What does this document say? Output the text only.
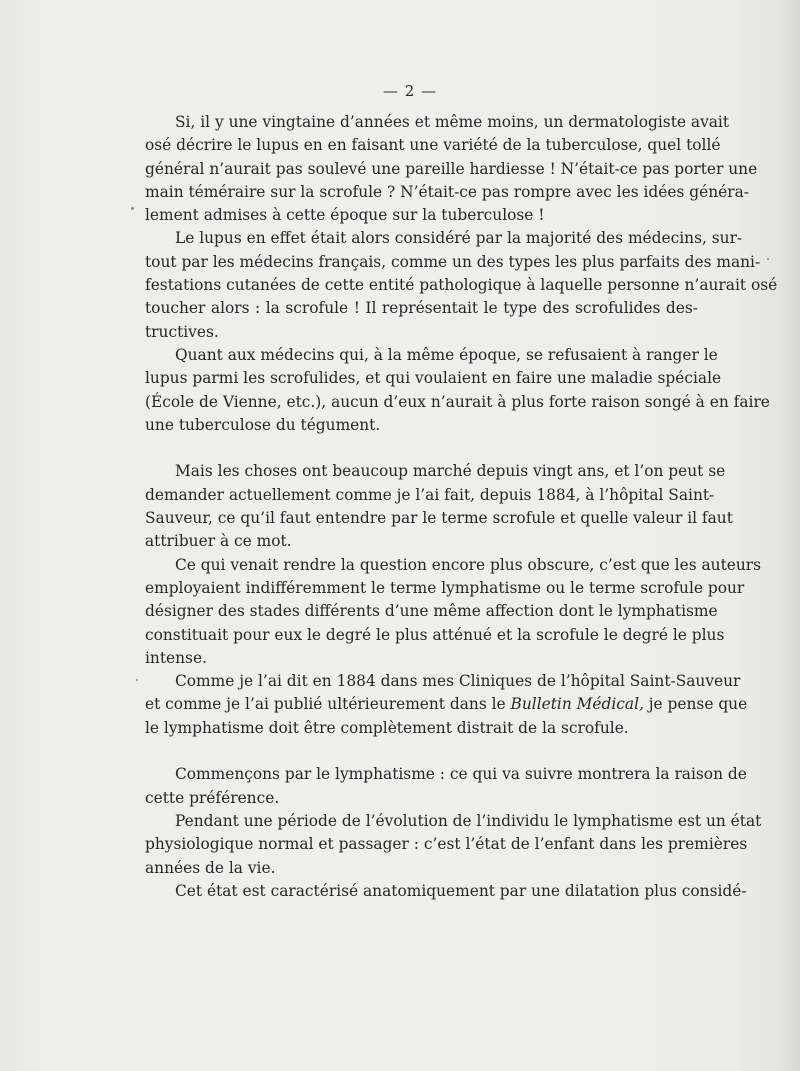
— 2 —
Si, il y une vingtaine d’années et même moins, un dermatologiste avait
osé décrire le lupus en en faisant une variété de la tuberculose, quel tollé
général n’aurait pas soulevé une pareille hardiesse ! N’était-ce pas porter une
main téméraire sur la scrofule ? N’était-ce pas rompre avec les idées généra-
lement admises à cette époque sur la tuberculose !
Le lupus en effet était alors considéré par la majorité des médecins, sur-
tout par les médecins français, comme un des types les plus parfaits des mani-
festations cutanées de cette entité pathologique à laquelle personne n’aurait osé
toucher alors : la scrofule ! Il représentait le type des scrofulides des-
tructives.
Quant aux médecins qui, à la même époque, se refusaient à ranger le
lupus parmi les scrofulides, et qui voulaient en faire une maladie spéciale
(École de Vienne, etc.), aucun d’eux n’aurait à plus forte raison songé à en faire
une tuberculose du tégument.
Mais les choses ont beaucoup marché depuis vingt ans, et l’on peut se
demander actuellement comme je l’ai fait, depuis 1884, à l’hôpital Saint-
Sauveur, ce qu’il faut entendre par le terme scrofule et quelle valeur il faut
attribuer à ce mot.
Ce qui venait rendre la question encore plus obscure, c’est que les auteurs
employaient indifféremment le terme lymphatisme ou le terme scrofule pour
désigner des stades différents d’une même affection dont le lymphatisme
constituait pour eux le degré le plus atténué et la scrofule le degré le plus
intense.
Comme je l’ai dit en 1884 dans mes Cliniques de l’hôpital Saint-Sauveur
et comme je l’ai publié ultérieurement dans le Bulletin Médical, je pense que
le lymphatisme doit être complètement distrait de la scrofule.
Commençons par le lymphatisme : ce qui va suivre montrera la raison de
cette préférence.
Pendant une période de l’évolution de l’individu le lymphatisme est un état
physiologique normal et passager : c’est l’état de l’enfant dans les premières
années de la vie.
Cet état est caractérisé anatomiquement par une dilatation plus considé-
